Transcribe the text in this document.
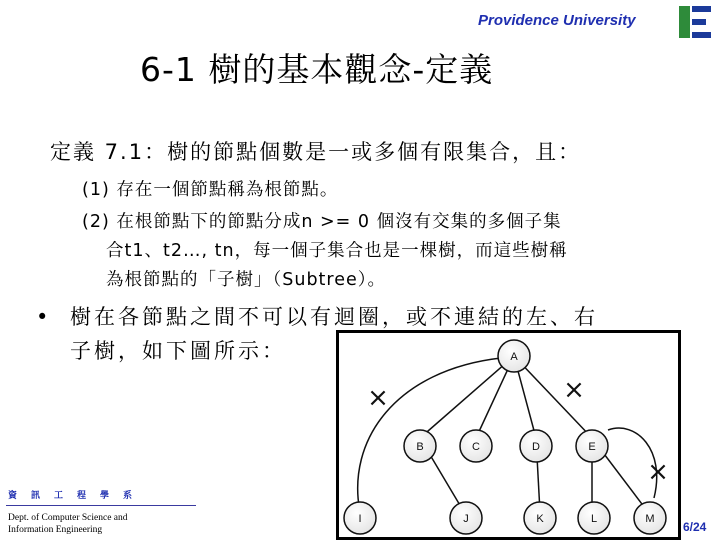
Providence University
6-1 樹的基本觀念-定義
定義 7.1：樹的節點個數是一或多個有限集合，且：
(1) 存在一個節點稱為根節點。
(2) 在根節點下的節點分成n >= 0 個沒有交集的多個子集
合t1、t2…, tn，每一個子集合也是一棵樹，而這些樹稱
為根節點的「子樹」（Subtree）。
• 樹在各節點之間不可以有迴圈，或不連結的左、右
子樹，如下圖所示：	A
B	C	D	E
I	J	K	L	M
×	×
×
資訊工程學系
Dept. of Computer Science and
Information Engineering	6/24
